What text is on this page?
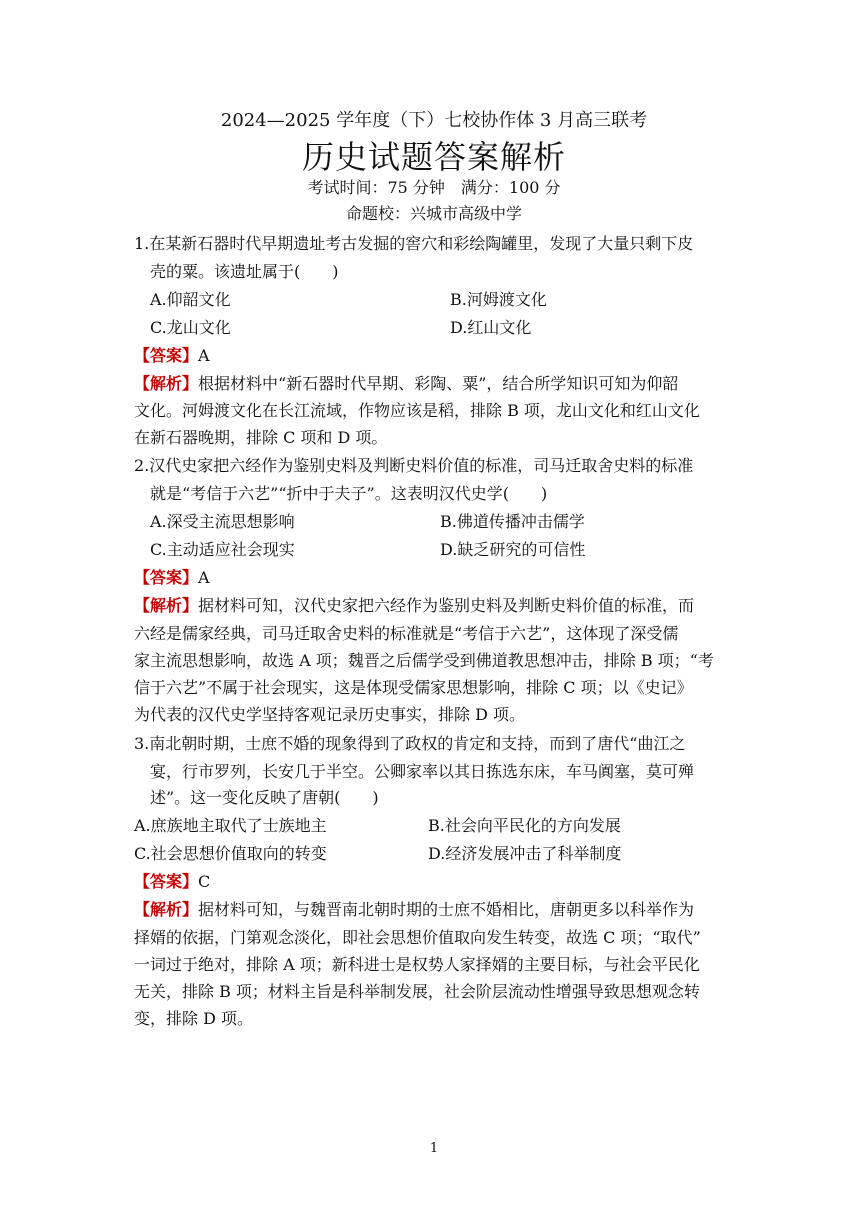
2024—2025 学年度（下）七校协作体 3 月高三联考
历史试题答案解析
考试时间：75 分钟　满分：100 分
命题校：兴城市高级中学
1.在某新石器时代早期遗址考古发掘的窖穴和彩绘陶罐里，发现了大量只剩下皮
壳的粟。该遗址属于(　　)
A.仰韶文化	B.河姆渡文化
C.龙山文化	D.红山文化
【答案】A
【解析】根据材料中“新石器时代早期、彩陶、粟”，结合所学知识可知为仰韶
文化。河姆渡文化在长江流域，作物应该是稻，排除 B 项，龙山文化和红山文化
在新石器晚期，排除 C 项和 D 项。
2.汉代史家把六经作为鉴别史料及判断史料价值的标准，司马迁取舍史料的标准
就是“考信于六艺”“折中于夫子”。这表明汉代史学(　　)
A.深受主流思想影响	B.佛道传播冲击儒学
C.主动适应社会现实	D.缺乏研究的可信性
【答案】A
【解析】据材料可知，汉代史家把六经作为鉴别史料及判断史料价值的标准，而
六经是儒家经典，司马迁取舍史料的标准就是“考信于六艺”，这体现了深受儒
家主流思想影响，故选 A 项；魏晋之后儒学受到佛道教思想冲击，排除 B 项；“考
信于六艺”不属于社会现实，这是体现受儒家思想影响，排除 C 项；以《史记》
为代表的汉代史学坚持客观记录历史事实，排除 D 项。
3.南北朝时期，士庶不婚的现象得到了政权的肯定和支持，而到了唐代“曲江之
宴，行市罗列，长安几于半空。公卿家率以其日拣选东床，车马阗塞，莫可殚
述”。这一变化反映了唐朝(　　)
A.庶族地主取代了士族地主	B.社会向平民化的方向发展
C.社会思想价值取向的转变	D.经济发展冲击了科举制度
【答案】C
【解析】据材料可知，与魏晋南北朝时期的士庶不婚相比，唐朝更多以科举作为
择婿的依据，门第观念淡化，即社会思想价值取向发生转变，故选 C 项；“取代”
一词过于绝对，排除 A 项；新科进士是权势人家择婿的主要目标，与社会平民化
无关，排除 B 项；材料主旨是科举制发展，社会阶层流动性增强导致思想观念转
变，排除 D 项。
1
